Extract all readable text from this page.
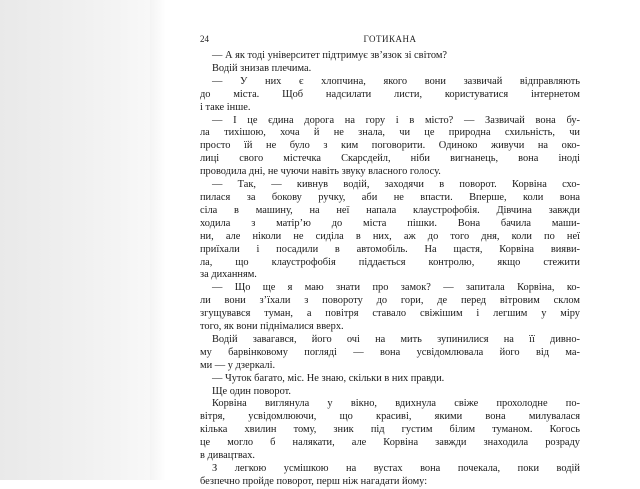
24	ГОТИКАНА
— А як тоді університет підтримує зв’язок зі світом?
Водій знизав плечима.
— У них є хлопчина, якого вони зазвичай відправляють
до міста. Щоб надсилати листи, користуватися інтернетом
і таке інше.
— І це єдина дорога на гору і в місто? — Зазвичай вона бу-
ла тихішою, хоча й не знала, чи це природна схильність, чи
просто їй не було з ким поговорити. Одиноко живучи на око-
лиці свого містечка Скарсдейл, ніби вигнанець, вона іноді
проводила дні, не чуючи навіть звуку власного голосу.
— Так, — кивнув водій, заходячи в поворот. Корвіна схо-
пилася за бокову ручку, аби не впасти. Вперше, коли вона
сіла в машину, на неї напала клаустрофобія. Дівчина завжди
ходила з матір’ю до міста пішки. Вона бачила маши-
ни, але ніколи не сиділа в них, аж до того дня, коли по неї
приїхали і посадили в автомобіль. На щастя, Корвіна вияви-
ла, що клаустрофобія піддається контролю, якщо стежити
за диханням.
— Що ще я маю знати про замок? — запитала Корвіна, ко-
ли вони з’їхали з повороту до гори, де перед вітровим склом
згущувався туман, а повітря ставало свіжішим і легшим у міру
того, як вони піднімалися вверх.
Водій завагався, його очі на мить зупинилися на її дивно-
му барвінковому погляді — вона усвідомлювала його від ма-
ми — у дзеркалі.
— Чуток багато, міс. Не знаю, скільки в них правди.
Ще один поворот.
Корвіна виглянула у вікно, вдихнула свіже прохолодне по-
вітря, усвідомлюючи, що красиві, якими вона милувалася
кілька хвилин тому, зник під густим білим туманом. Когось
це могло б налякати, але Корвіна завжди знаходила розраду
в дивацтвах.
З легкою усмішкою на вустах вона почекала, поки водій
безпечно пройде поворот, перш ніж нагадати йому:
